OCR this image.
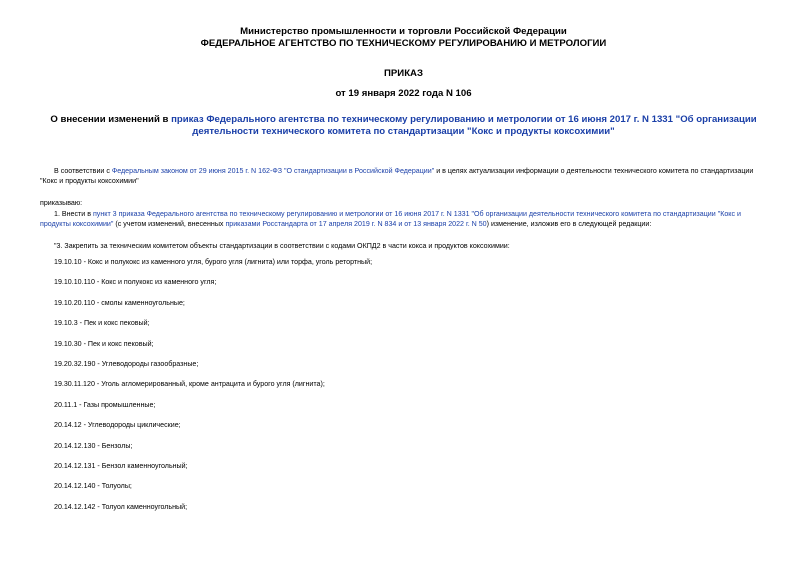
Министерство промышленности и торговли Российской Федерации
ФЕДЕРАЛЬНОЕ АГЕНТСТВО ПО ТЕХНИЧЕСКОМУ РЕГУЛИРОВАНИЮ И МЕТРОЛОГИИ
ПРИКАЗ
от 19 января 2022 года N 106
О внесении изменений в приказ Федерального агентства по техническому регулированию и метрологии от 16 июня 2017 г. N 1331 "Об организации деятельности технического комитета по стандартизации "Кокс и продукты коксохимии"
В соответствии с Федеральным законом от 29 июня 2015 г. N 162-ФЗ "О стандартизации в Российской Федерации" и в целях актуализации информации о деятельности технического комитета по стандартизации "Кокс и продукты коксохимии"
приказываю:
1. Внести в пункт 3 приказа Федерального агентства по техническому регулированию и метрологии от 16 июня 2017 г. N 1331 "Об организации деятельности технического комитета по стандартизации "Кокс и продукты коксохимии" (с учетом изменений, внесенных приказами Росстандарта от 17 апреля 2019 г. N 834 и от 13 января 2022 г. N 50) изменение, изложив его в следующей редакции:
"3. Закрепить за техническим комитетом объекты стандартизации в соответствии с кодами ОКПД2 в части кокса и продуктов коксохимии:
19.10.10 - Кокс и полукокс из каменного угля, бурого угля (лигнита) или торфа, уголь ретортный;
19.10.10.110 - Кокс и полукокс из каменного угля;
19.10.20.110 - смолы каменноугольные;
19.10.3 - Пек и кокс пековый;
19.10.30 - Пек и кокс пековый;
19.20.32.190 - Углеводороды газообразные;
19.30.11.120 - Уголь агломерированный, кроме антрацита и бурого угля (лигнита);
20.11.1 - Газы промышленные;
20.14.12 - Углеводороды циклические;
20.14.12.130 - Бензолы;
20.14.12.131 - Бензол каменноугольный;
20.14.12.140 - Толуолы;
20.14.12.142 - Толуол каменноугольный;
